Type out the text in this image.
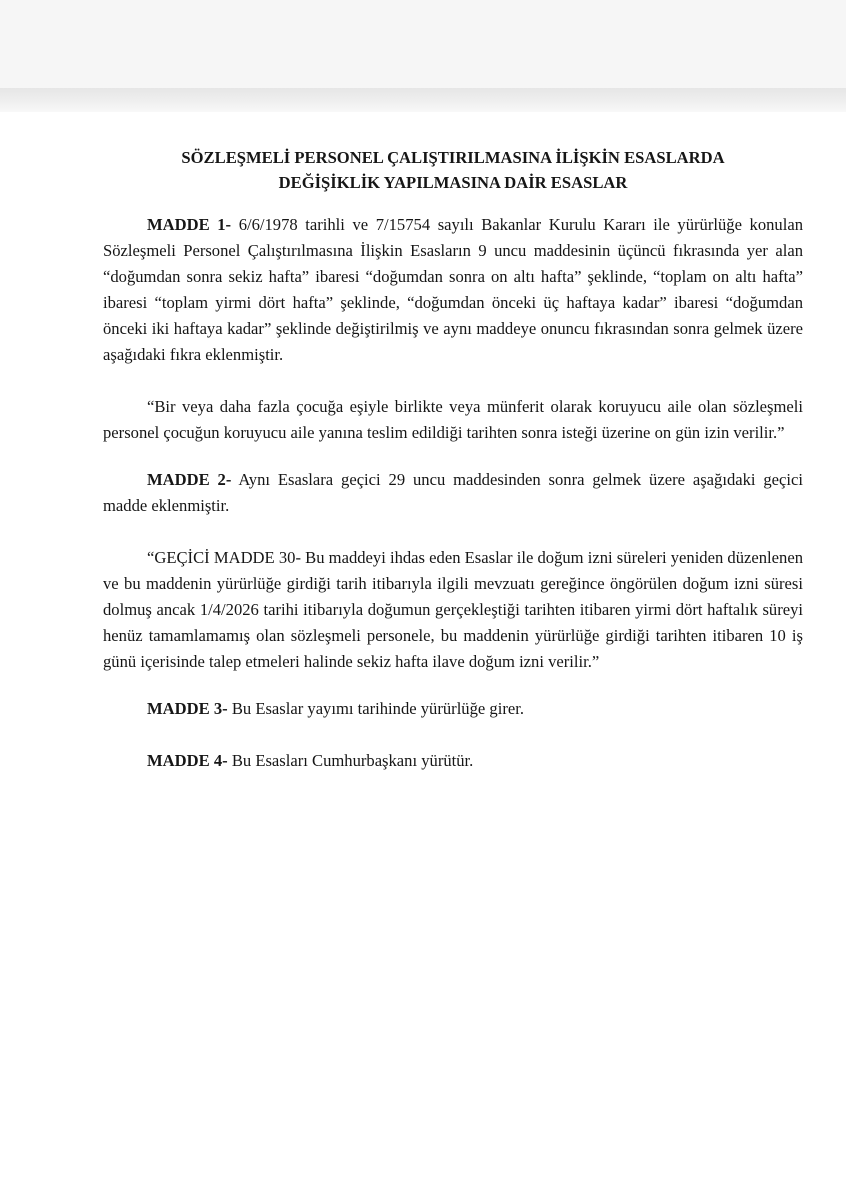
SÖZLEŞMELİ PERSONEL ÇALIŞTIRILMASINA İLİŞKİN ESASLARDA
DEĞİŞİKLİK YAPILMASINA DAİR ESASLAR

MADDE 1- 6/6/1978 tarihli ve 7/15754 sayılı Bakanlar Kurulu Kararı ile yürürlüğe konulan Sözleşmeli Personel Çalıştırılmasına İlişkin Esasların 9 uncu maddesinin üçüncü fıkrasında yer alan “doğumdan sonra sekiz hafta” ibaresi “doğumdan sonra on altı hafta” şeklinde, “toplam on altı hafta” ibaresi “toplam yirmi dört hafta” şeklinde, “doğumdan önceki üç haftaya kadar” ibaresi “doğumdan önceki iki haftaya kadar” şeklinde değiştirilmiş ve aynı maddeye onuncu fıkrasından sonra gelmek üzere aşağıdaki fıkra eklenmiştir.

“Bir veya daha fazla çocuğa eşiyle birlikte veya münferit olarak koruyucu aile olan sözleşmeli personel çocuğun koruyucu aile yanına teslim edildiği tarihten sonra isteği üzerine on gün izin verilir.”

MADDE 2- Aynı Esaslara geçici 29 uncu maddesinden sonra gelmek üzere aşağıdaki geçici madde eklenmiştir.

“GEÇİCİ MADDE 30- Bu maddeyi ihdas eden Esaslar ile doğum izni süreleri yeniden düzenlenen ve bu maddenin yürürlüğe girdiği tarih itibarıyla ilgili mevzuatı gereğince öngörülen doğum izni süresi dolmuş ancak 1/4/2026 tarihi itibarıyla doğumun gerçekleştiği tarihten itibaren yirmi dört haftalık süreyi henüz tamamlamamış olan sözleşmeli personele, bu maddenin yürürlüğe girdiği tarihten itibaren 10 iş günü içerisinde talep etmeleri halinde sekiz hafta ilave doğum izni verilir.”

MADDE 3- Bu Esaslar yayımı tarihinde yürürlüğe girer.

MADDE 4- Bu Esasları Cumhurbaşkanı yürütür.
